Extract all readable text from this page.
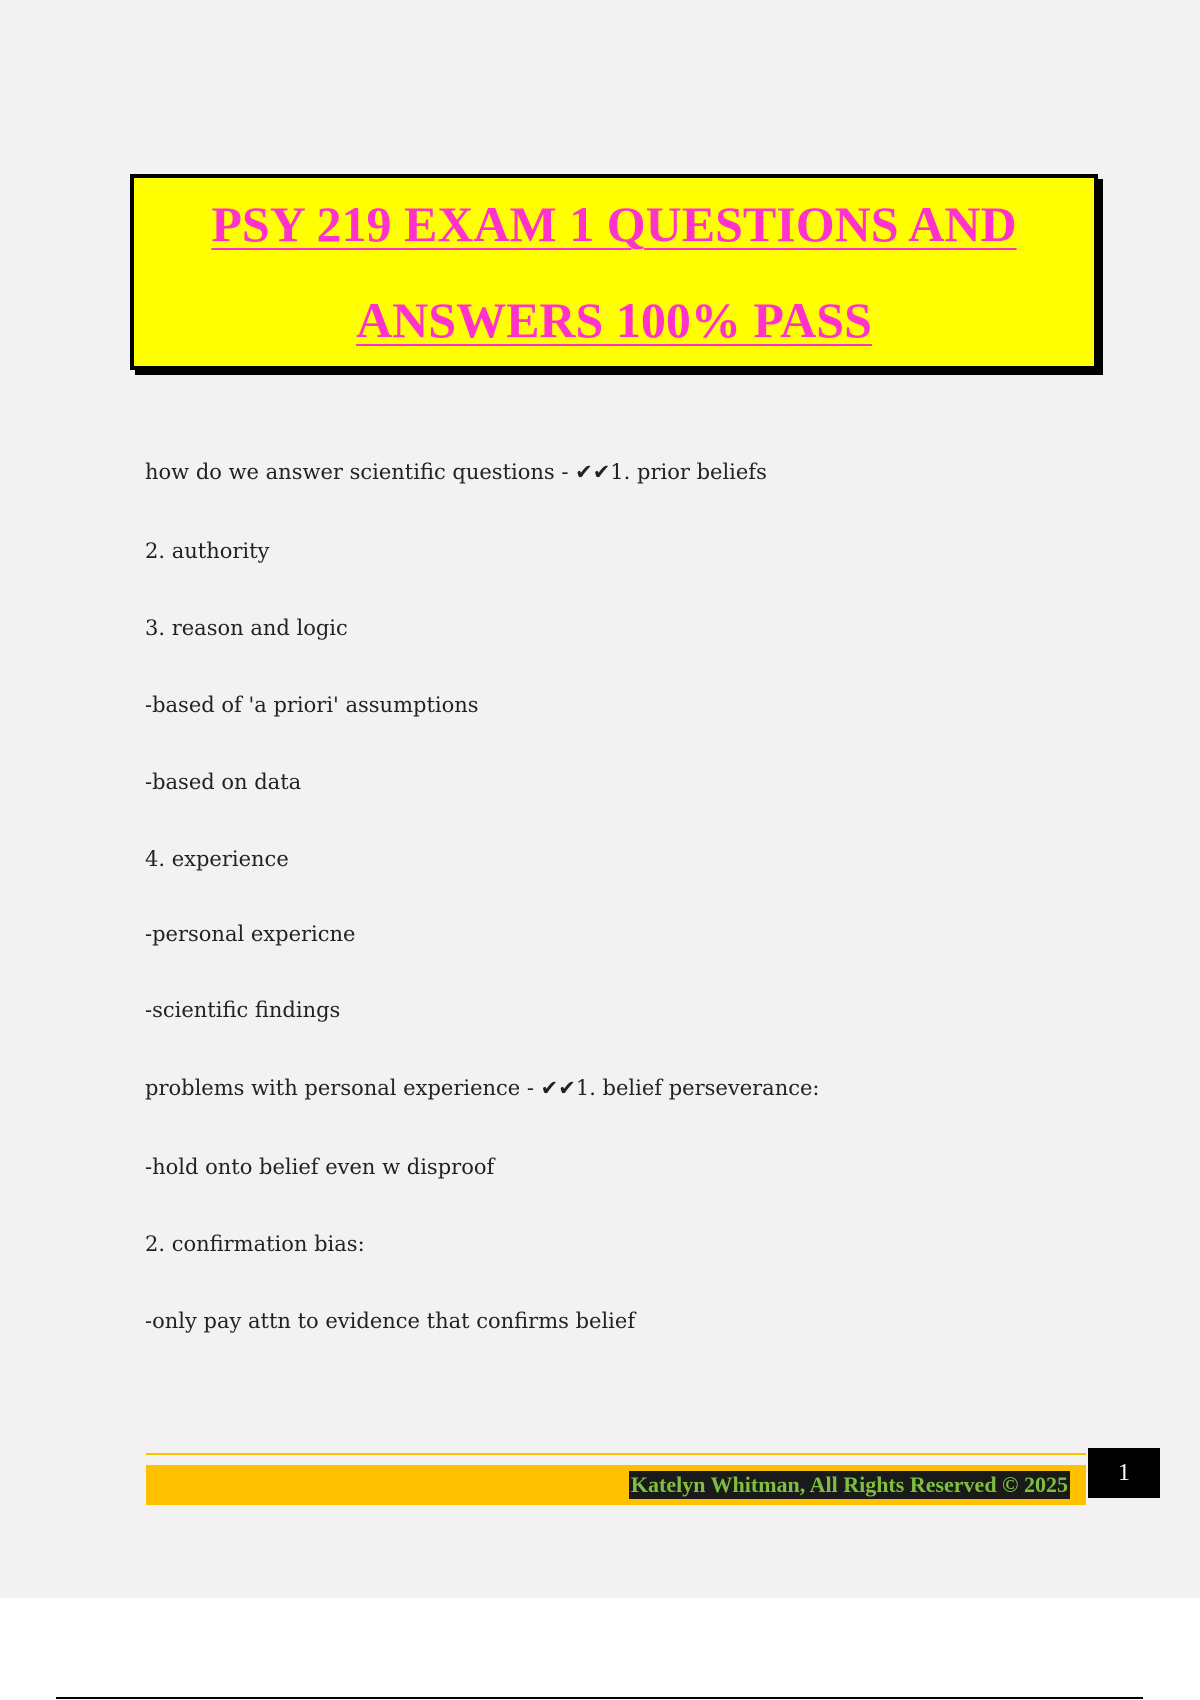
PSY 219 EXAM 1 QUESTIONS AND
ANSWERS 100% PASS
how do we answer scientific questions - ✔✔1. prior beliefs
2. authority
3. reason and logic
-based of 'a priori' assumptions
-based on data
4. experience
-personal expericne
-scientific findings
problems with personal experience - ✔✔1. belief perseverance:
-hold onto belief even w disproof
2. confirmation bias:
-only pay attn to evidence that confirms belief
Katelyn Whitman, All Rights Reserved © 2025	1
